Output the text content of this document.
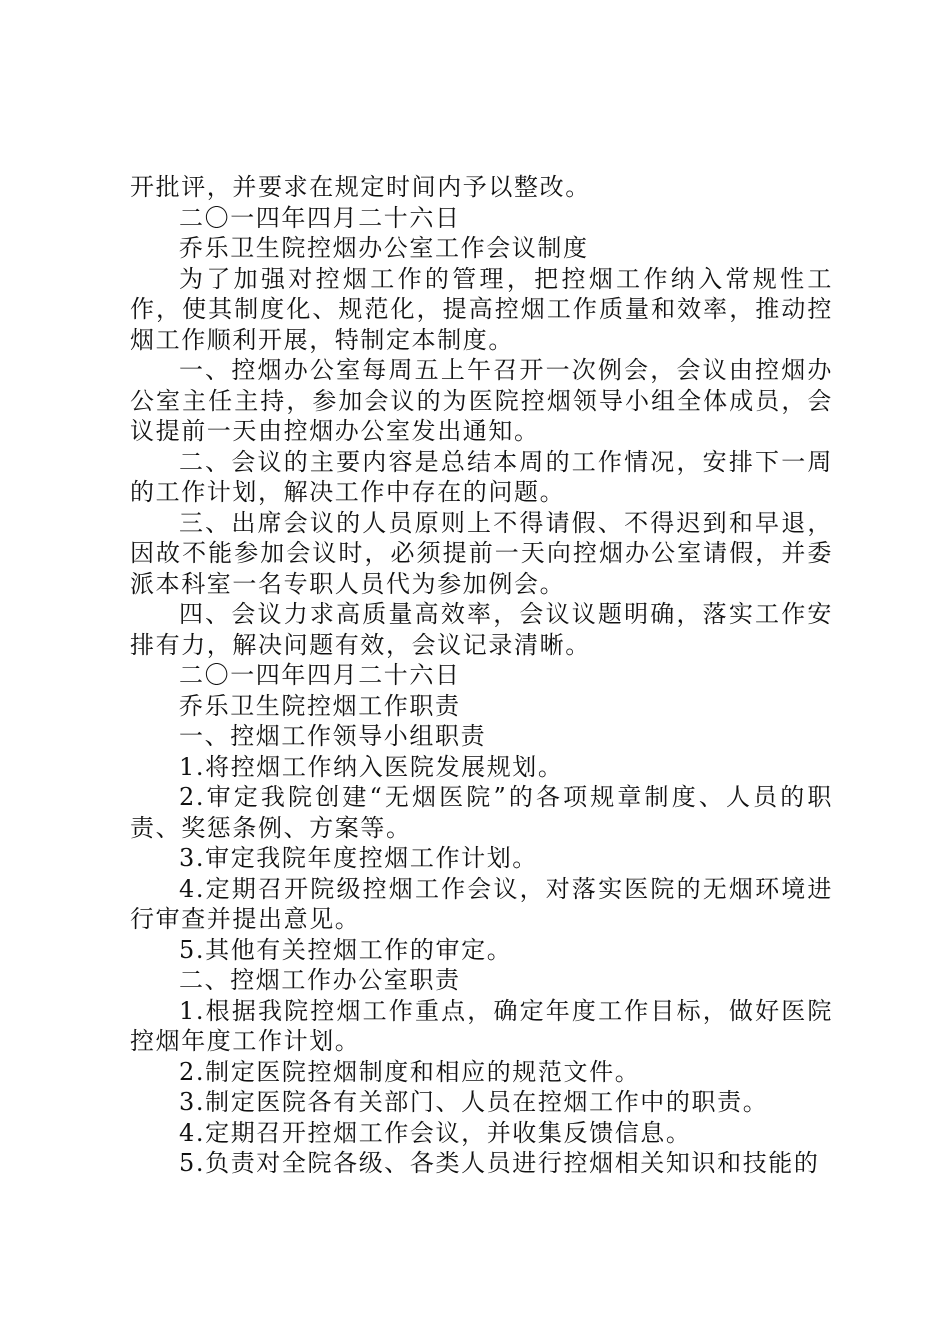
开批评，并要求在规定时间内予以整改。

二〇一四年四月二十六日

乔乐卫生院控烟办公室工作会议制度

为了加强对控烟工作的管理，把控烟工作纳入常规性工作，使其制度化、规范化，提高控烟工作质量和效率，推动控烟工作顺利开展，特制定本制度。

一、控烟办公室每周五上午召开一次例会，会议由控烟办公室主任主持，参加会议的为医院控烟领导小组全体成员，会议提前一天由控烟办公室发出通知。

二、会议的主要内容是总结本周的工作情况，安排下一周的工作计划，解决工作中存在的问题。

三、出席会议的人员原则上不得请假、不得迟到和早退，因故不能参加会议时，必须提前一天向控烟办公室请假，并委派本科室一名专职人员代为参加例会。

四、会议力求高质量高效率，会议议题明确，落实工作安排有力，解决问题有效，会议记录清晰。

二〇一四年四月二十六日

乔乐卫生院控烟工作职责

一、控烟工作领导小组职责

1.将控烟工作纳入医院发展规划。

2.审定我院创建“无烟医院”的各项规章制度、人员的职责、奖惩条例、方案等。

3.审定我院年度控烟工作计划。

4.定期召开院级控烟工作会议，对落实医院的无烟环境进行审查并提出意见。

5.其他有关控烟工作的审定。

二、控烟工作办公室职责

1.根据我院控烟工作重点，确定年度工作目标，做好医院控烟年度工作计划。

2.制定医院控烟制度和相应的规范文件。

3.制定医院各有关部门、人员在控烟工作中的职责。

4.定期召开控烟工作会议，并收集反馈信息。

5.负责对全院各级、各类人员进行控烟相关知识和技能的
